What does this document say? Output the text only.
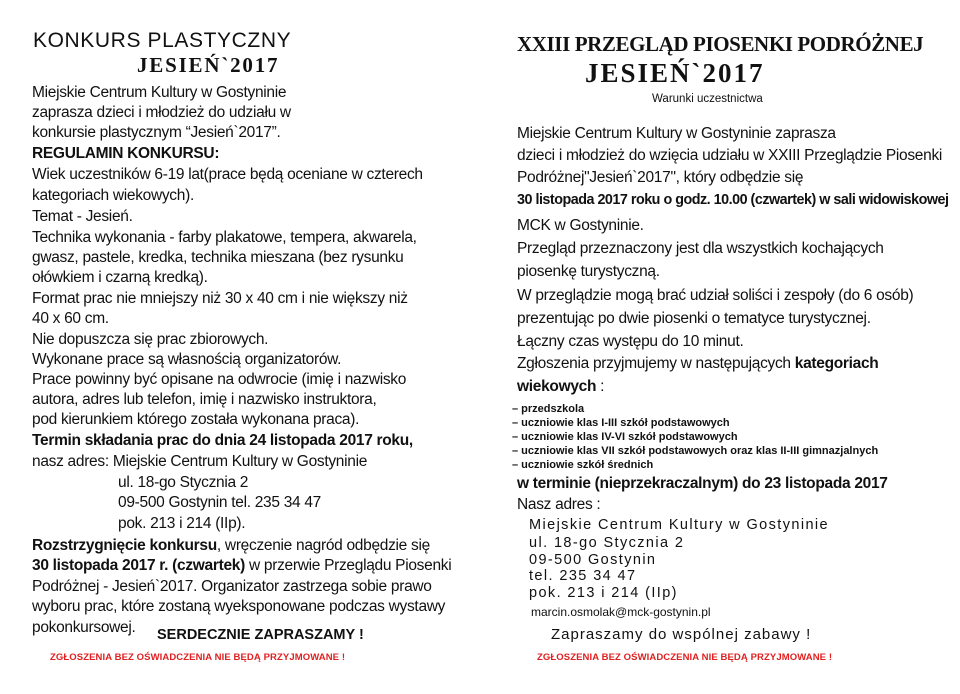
KONKURS PLASTYCZNY
JESIEŃ`2017
Miejskie Centrum Kultury w Gostyninie
zaprasza dzieci i młodzież do udziału w
konkursie plastycznym “Jesień`2017”.
REGULAMIN KONKURSU:
Wiek uczestników 6-19 lat(prace będą oceniane w czterech
kategoriach wiekowych).
Temat - Jesień.
Technika wykonania - farby plakatowe, tempera, akwarela,
gwasz, pastele, kredka, technika mieszana (bez rysunku
ołówkiem i czarną kredką).
Format prac nie mniejszy niż 30 x 40 cm i nie większy niż
40 x 60 cm.
Nie dopuszcza się prac zbiorowych.
Wykonane prace są własnością organizatorów.
Prace powinny być opisane na odwrocie (imię i nazwisko
autora, adres lub telefon, imię i nazwisko instruktora,
pod kierunkiem którego została wykonana praca).
Termin składania prac do dnia 24 listopada 2017 roku,
nasz adres: Miejskie Centrum Kultury w Gostyninie
ul. 18-go Stycznia 2
09-500 Gostynin tel. 235 34 47
pok. 213 i 214 (IIp).
Rozstrzygnięcie konkursu, wręczenie nagród odbędzie się
30 listopada 2017 r. (czwartek) w przerwie Przeglądu Piosenki
Podróżnej - Jesień`2017. Organizator zastrzega sobie prawo
wyboru prac, które zostaną wyeksponowane podczas wystawy
pokonkursowej. SERDECZNIE ZAPRASZAMY !
ZGŁOSZENIA BEZ OŚWIADCZENIA NIE BĘDĄ PRZYJMOWANE !
XXIII PRZEGLĄD PIOSENKI PODRÓŻNEJ
JESIEŃ`2017
Warunki uczestnictwa
Miejskie Centrum Kultury w Gostyninie zaprasza
dzieci i młodzież do wzięcia udziału w XXIII Przeglądzie Piosenki
Podróżnej"Jesień`2017", który odbędzie się
30 listopada 2017 roku o godz. 10.00 (czwartek) w sali widowiskowej
MCK w Gostyninie.
Przegląd przeznaczony jest dla wszystkich kochających
piosenkę turystyczną.
W przeglądzie mogą brać udział soliści i zespoły (do 6 osób)
prezentując po dwie piosenki o tematyce turystycznej.
Łączny czas występu do 10 minut.
Zgłoszenia przyjmujemy w następujących kategoriach
wiekowych :
– przedszkola
– uczniowie klas I-III szkół podstawowych
– uczniowie klas IV-VI szkół podstawowych
– uczniowie klas VII szkół podstawowych oraz klas II-III gimnazjalnych
– uczniowie szkół średnich
w terminie (nieprzekraczalnym) do 23 listopada 2017
Nasz adres :
Miejskie Centrum Kultury w Gostyninie
ul. 18-go Stycznia 2
09-500 Gostynin
tel. 235 34 47
pok. 213 i 214 (IIp)
marcin.osmolak@mck-gostynin.pl
Zapraszamy do wspólnej zabawy !
ZGŁOSZENIA BEZ OŚWIADCZENIA NIE BĘDĄ PRZYJMOWANE !
